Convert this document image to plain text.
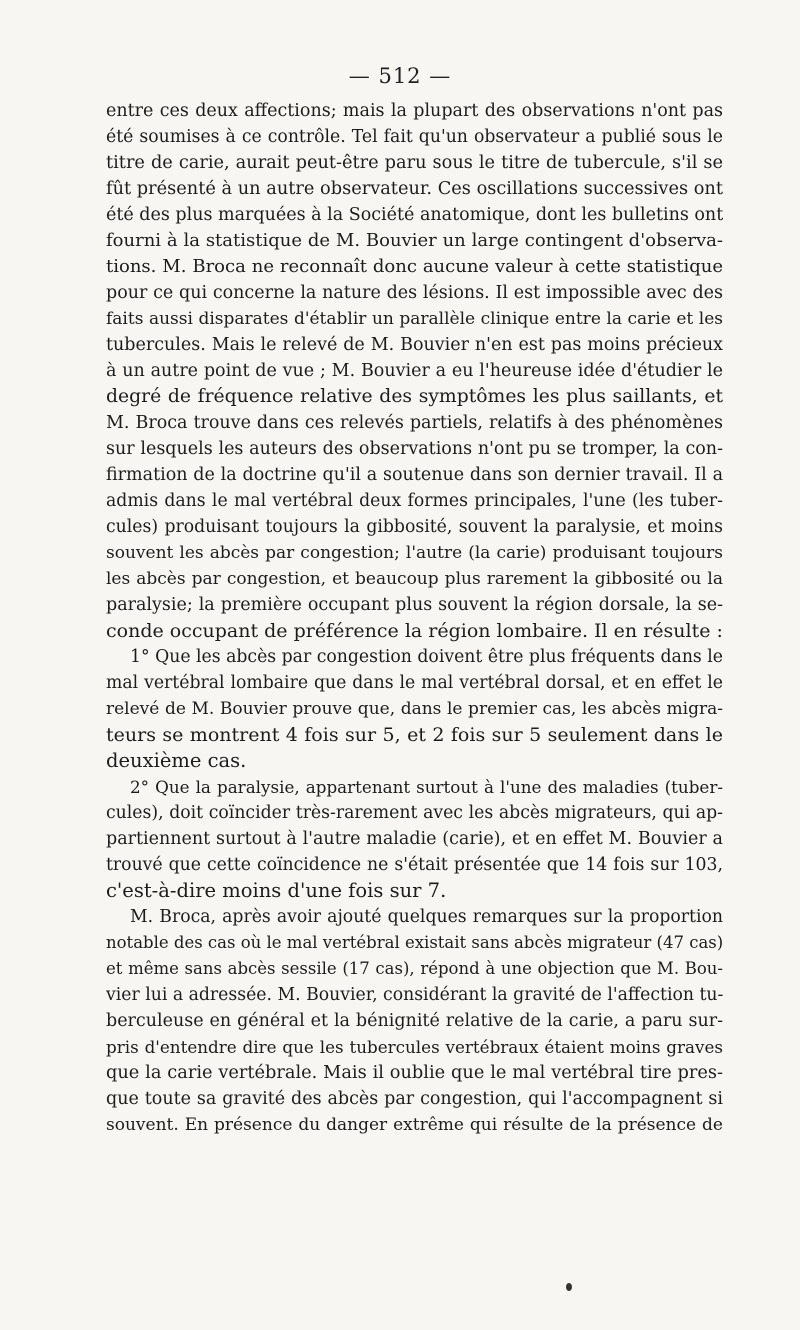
— 512 —
entre ces deux affections; mais la plupart des observations n'ont pas
été soumises à ce contrôle. Tel fait qu'un observateur a publié sous le
titre de carie, aurait peut-être paru sous le titre de tubercule, s'il se
fût présenté à un autre observateur. Ces oscillations successives ont
été des plus marquées à la Société anatomique, dont les bulletins ont
fourni à la statistique de M. Bouvier un large contingent d'observa-
tions. M. Broca ne reconnaît donc aucune valeur à cette statistique
pour ce qui concerne la nature des lésions. Il est impossible avec des
faits aussi disparates d'établir un parallèle clinique entre la carie et les
tubercules. Mais le relevé de M. Bouvier n'en est pas moins précieux
à un autre point de vue ; M. Bouvier a eu l'heureuse idée d'étudier le
degré de fréquence relative des symptômes les plus saillants, et
M. Broca trouve dans ces relevés partiels, relatifs à des phénomènes
sur lesquels les auteurs des observations n'ont pu se tromper, la con-
firmation de la doctrine qu'il a soutenue dans son dernier travail. Il a
admis dans le mal vertébral deux formes principales, l'une (les tuber-
cules) produisant toujours la gibbosité, souvent la paralysie, et moins
souvent les abcès par congestion; l'autre (la carie) produisant toujours
les abcès par congestion, et beaucoup plus rarement la gibbosité ou la
paralysie; la première occupant plus souvent la région dorsale, la se-
conde occupant de préférence la région lombaire. Il en résulte :
1° Que les abcès par congestion doivent être plus fréquents dans le
mal vertébral lombaire que dans le mal vertébral dorsal, et en effet le
relevé de M. Bouvier prouve que, dans le premier cas, les abcès migra-
teurs se montrent 4 fois sur 5, et 2 fois sur 5 seulement dans le
deuxième cas.
2° Que la paralysie, appartenant surtout à l'une des maladies (tuber-
cules), doit coïncider très-rarement avec les abcès migrateurs, qui ap-
partiennent surtout à l'autre maladie (carie), et en effet M. Bouvier a
trouvé que cette coïncidence ne s'était présentée que 14 fois sur 103,
c'est-à-dire moins d'une fois sur 7.
M. Broca, après avoir ajouté quelques remarques sur la proportion
notable des cas où le mal vertébral existait sans abcès migrateur (47 cas)
et même sans abcès sessile (17 cas), répond à une objection que M. Bou-
vier lui a adressée. M. Bouvier, considérant la gravité de l'affection tu-
berculeuse en général et la bénignité relative de la carie, a paru sur-
pris d'entendre dire que les tubercules vertébraux étaient moins graves
que la carie vertébrale. Mais il oublie que le mal vertébral tire pres-
que toute sa gravité des abcès par congestion, qui l'accompagnent si
souvent. En présence du danger extrême qui résulte de la présence de
